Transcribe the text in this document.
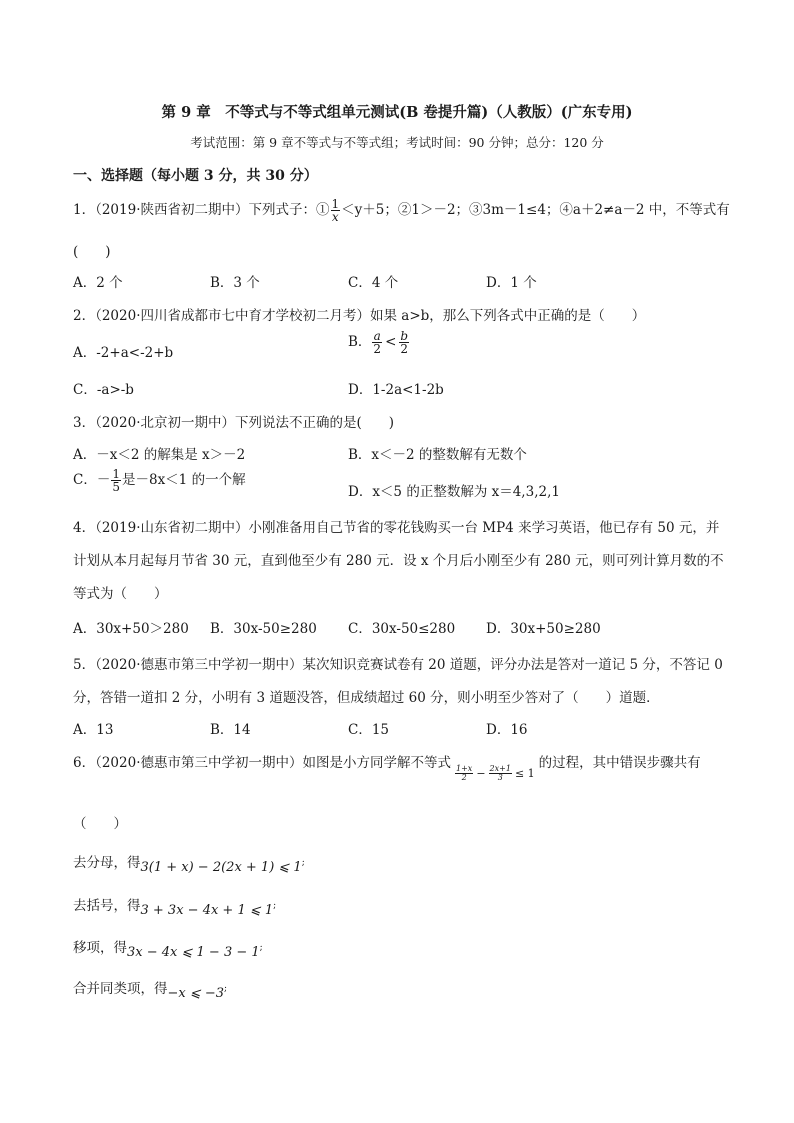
第 9 章　不等式与不等式组单元测试(B 卷提升篇)（人教版）(广东专用)
考试范围：第 9 章不等式与不等式组；考试时间：90 分钟；总分：120 分
一、选择题（每小题 3 分，共 30 分）
1．（2019·陕西省初二期中）下列式子：① $\frac{1}{x} <y+5$；②1＞－2；③3m－1≤4；④a＋2≠a－2 中，不等式有
(　　)
A．2 个	B．3 个	C．4 个	D．1 个
2．（2020·四川省成都市七中育才学校初二月考）如果 a>b，那么下列各式中正确的是（　　）
A．-2+a<-2+b
B． $\frac{a}{2} < \frac{b}{2}$
C．-a>-b	D．1-2a<1-2b
3．（2020·北京初一期中）下列说法不正确的是(　　)
A．－x＜2 的解集是 x＞－2	B．x＜－2 的整数解有无数个
C．－ $\frac{1}{5}$ 是－8x＜1 的一个解
D．x＜5 的正整数解为 x＝4,3,2,1
4．（2019·山东省初二期中）小刚准备用自己节省的零花钱购买一台 MP4 来学习英语，他已存有 50 元，并
计划从本月起每月节省 30 元，直到他至少有 280 元．设 x 个月后小刚至少有 280 元，则可列计算月数的不
等式为（　　）
A．30x+50＞280 B．30x-50≥280 C．30x-50≤280 D．30x+50≥280
5．（2020·德惠市第三中学初一期中）某次知识竞赛试卷有 20 道题，评分办法是答对一道记 5 分，不答记 0
分，答错一道扣 2 分，小明有 3 道题没答，但成绩超过 60 分，则小明至少答对了（　　）道题．
A．13	B．14	C．15	D．16
6．（2020·德惠市第三中学初一期中）如图是小方同学解不等式
$\frac{1+x}{2} - \frac{2x+1}{3} \le 1$的过程，其中错误步骤共有
（　　）
去分母，得3(1 + x) − 2(2x + 1) ⩽ 1;
去括号，得3 + 3x − 4x + 1 ⩽ 1;
移项，得3x − 4x ⩽ 1 − 3 − 1;
合并同类项，得−x ⩽ −3;
